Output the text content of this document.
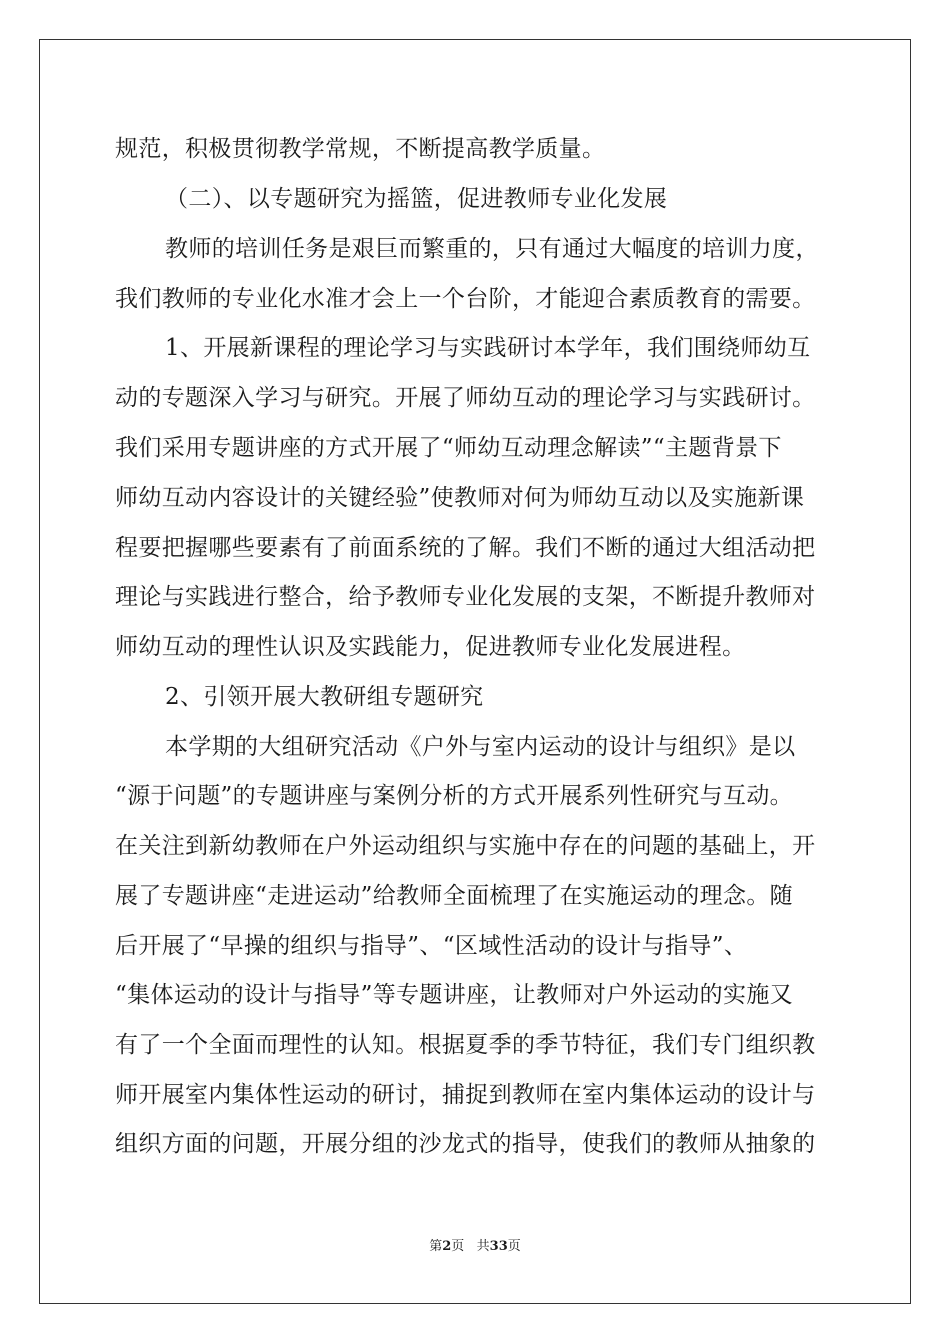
规范，积极贯彻教学常规，不断提高教学质量。
（二）、以专题研究为摇篮，促进教师专业化发展
教师的培训任务是艰巨而繁重的，只有通过大幅度的培训力度，
我们教师的专业化水准才会上一个台阶，才能迎合素质教育的需要。
1、开展新课程的理论学习与实践研讨本学年，我们围绕师幼互
动的专题深入学习与研究。开展了师幼互动的理论学习与实践研讨。
我们采用专题讲座的方式开展了“师幼互动理念解读”“主题背景下
师幼互动内容设计的关键经验”使教师对何为师幼互动以及实施新课
程要把握哪些要素有了前面系统的了解。我们不断的通过大组活动把
理论与实践进行整合，给予教师专业化发展的支架，不断提升教师对
师幼互动的理性认识及实践能力，促进教师专业化发展进程。
2、引领开展大教研组专题研究
本学期的大组研究活动《户外与室内运动的设计与组织》是以
“源于问题”的专题讲座与案例分析的方式开展系列性研究与互动。
在关注到新幼教师在户外运动组织与实施中存在的问题的基础上，开
展了专题讲座“走进运动”给教师全面梳理了在实施运动的理念。随
后开展了“早操的组织与指导”、“区域性活动的设计与指导”、
“集体运动的设计与指导”等专题讲座，让教师对户外运动的实施又
有了一个全面而理性的认知。根据夏季的季节特征，我们专门组织教
师开展室内集体性运动的研讨，捕捉到教师在室内集体运动的设计与
组织方面的问题，开展分组的沙龙式的指导，使我们的教师从抽象的
第2页   共33页
